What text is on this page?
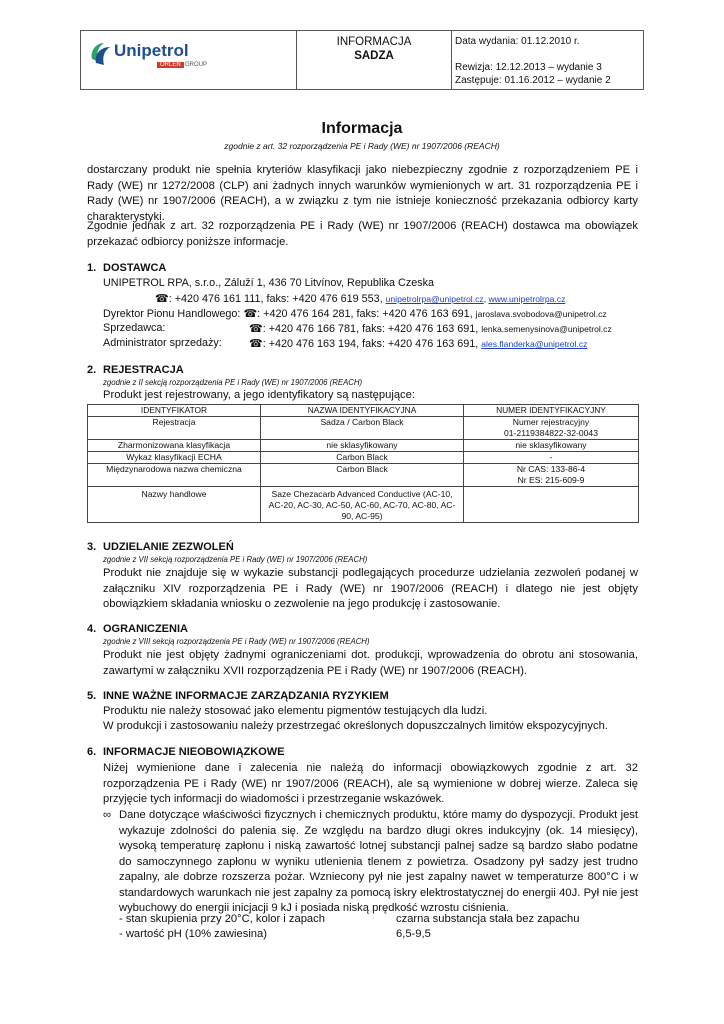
Unipetrol
ORLEN GROUP
INFORMACJA
SADZA
Data wydania: 01.12.2010 r.
Rewizja: 12.12.2013 – wydanie 3
Zastępuje: 01.16.2012 – wydanie 2
Informacja
zgodnie z art. 32 rozporządzenia PE i Rady (WE) nr 1907/2006 (REACH)

dostarczany produkt nie spełnia kryteriów klasyfikacji jako niebezpieczny zgodnie z rozporządzeniem PE i Rady (WE) nr 1272/2008 (CLP) ani żadnych innych warunków wymienionych w art. 31 rozporządzenia PE i Rady (WE) nr 1907/2006 (REACH), a w związku z tym nie istnieje konieczność przekazania odbiorcy karty charakterystyki.

Zgodnie jednak z art. 32 rozporządzenia PE i Rady (WE) nr 1907/2006 (REACH) dostawca ma obowiązek przekazać odbiorcy poniższe informacje.

1. DOSTAWCA
UNIPETROL RPA, s.r.o., Záluží 1, 436 70 Litvínov, Republika Czeska
☎: +420 476 161 111, faks: +420 476 619 553, unipetrolrpa@unipetrol.cz, www.unipetrolrpa.cz
Dyrektor Pionu Handlowego: ☎: +420 476 164 281, faks: +420 476 163 691, jaroslava.svobodova@unipetrol.cz
Sprzedawca:	☎: +420 476 166 781, faks: +420 476 163 691, lenka.semenysinova@unipetrol.cz
Administrator sprzedaży: ☎: +420 476 163 194, faks: +420 476 163 691, ales.flanderka@unipetrol.cz
2. REJESTRACJA
zgodnie z II sekcją rozporządzenia PE i Rady (WE) nr 1907/2006 (REACH)
Produkt jest rejestrowany, a jego identyfikatory są następujące:
IDENTYFIKATOR	NAZWA IDENTYFIKACYJNA	NUMER IDENTYFIKACYJNY
Rejestracja	Sadza / Carbon Black	Numer rejestracyjny
01-2119384822-32-0043
Zharmonizowana klasyfikacja	nie sklasyfikowany	nie sklasyfikowany
Wykaz klasyfikacji ECHA	Carbon Black	-
Międzynarodowa nazwa chemiczna	Carbon Black	Nr CAS: 133-86-4
Nr ES: 215-609-9
Nazwy handlowe	Saze Chezacarb Advanced Conductive (AC-10, AC-20, AC-30, AC-50, AC-60, AC-70, AC-80, AC-90, AC-95)	
3. UDZIELANIE ZEZWOLEŃ
zgodnie z VII sekcją rozporządzenia PE i Rady (WE) nr 1907/2006 (REACH)

Produkt nie znajduje się w wykazie substancji podlegających procedurze udzielania zezwoleń podanej w załączniku XIV rozporządzenia PE i Rady (WE) nr 1907/2006 (REACH) i dlatego nie jest objęty obowiązkiem składania wniosku o zezwolenie na jego produkcję i zastosowanie.

4. OGRANICZENIA
zgodnie z VIII sekcją rozporządzenia PE i Rady (WE) nr 1907/2006 (REACH)

Produkt nie jest objęty żadnymi ograniczeniami dot. produkcji, wprowadzenia do obrotu ani stosowania, zawartymi w załączniku XVII rozporządzenia PE i Rady (WE) nr 1907/2006 (REACH).

5. INNE WAŻNE INFORMACJE ZARZĄDZANIA RYZYKIEM
Produktu nie należy stosować jako elementu pigmentów testujących dla ludzi.
W produkcji i zastosowaniu należy przestrzegać określonych dopuszczalnych limitów ekspozycyjnych.
6. INFORMACJE NIEOBOWIĄZKOWE

Niżej wymienione dane i zalecenia nie należą do informacji obowiązkowych zgodnie z art. 32 rozporządzenia PE i Rady (WE) nr 1907/2006 (REACH), ale są wymienione w dobrej wierze. Zaleca się przyjęcie tych informacji do wiadomości i przestrzeganie wskazówek.

∞ Dane dotyczące właściwości fizycznych i chemicznych produktu, które mamy do dyspozycji. Produkt jest wykazuje zdolności do palenia się. Ze względu na bardzo długi okres indukcyjny (ok. 14 miesięcy), wysoką temperaturę zapłonu i niską zawartość lotnej substancji palnej sadze są bardzo słabo podatne do samoczynnego zapłonu w wyniku utlenienia tlenem z powietrza. Osadzony pył sadzy jest trudno zapalny, ale dobrze rozszerza pożar. Wzniecony pył nie jest zapalny nawet w temperaturze 800°C i w standardowych warunkach nie jest zapalny za pomocą iskry elektrostatycznej do energii 40J. Pył nie jest wybuchowy do energii inicjacji 9 kJ i posiada niską prędkość wzrostu ciśnienia.
- stan skupienia przy 20°C, kolor i zapach	czarna substancja stała bez zapachu
- wartość pH (10% zawiesina)	6,5-9,5
